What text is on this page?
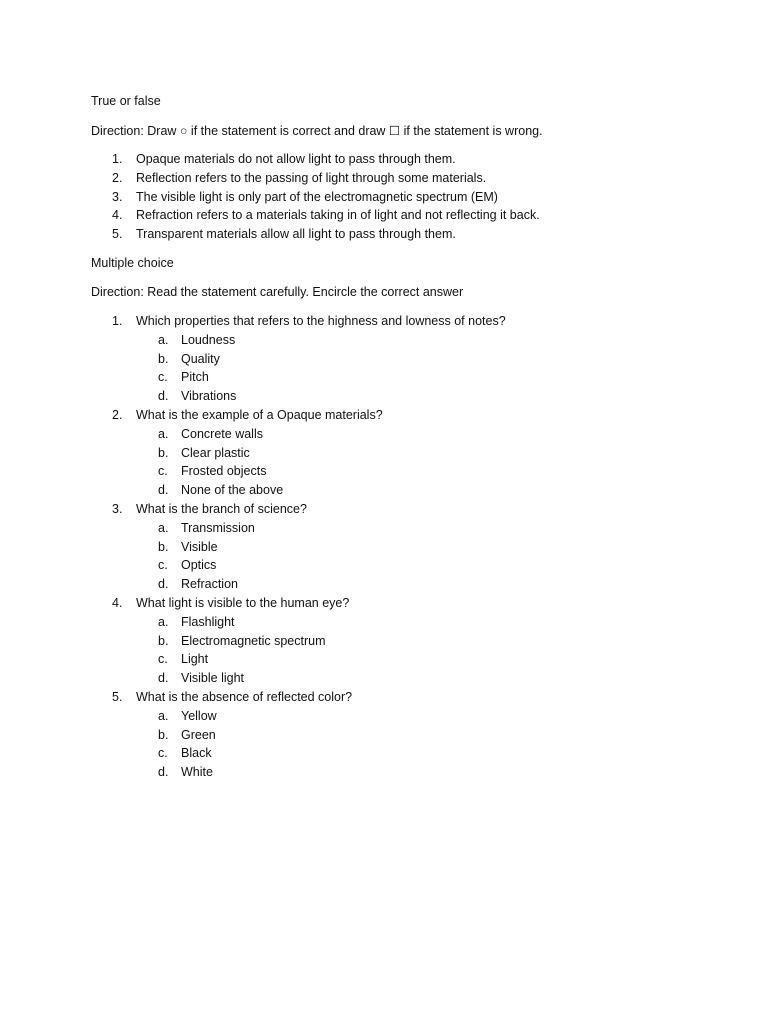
True or false
Direction: Draw ○ if the statement is correct and draw ☐ if the statement is wrong.
1. Opaque materials do not allow light to pass through them.
2. Reflection refers to the passing of light through some materials.
3. The visible light is only part of the electromagnetic spectrum (EM)
4. Refraction refers to a materials taking in of light and not reflecting it back.
5. Transparent materials allow all light to pass through them.
Multiple choice
Direction: Read the statement carefully. Encircle the correct answer
1. Which properties that refers to the highness and lowness of notes?
a. Loudness
b. Quality
c. Pitch
d. Vibrations
2. What is the example of a Opaque materials?
a. Concrete walls
b. Clear plastic
c. Frosted objects
d. None of the above
3. What is the branch of science?
a. Transmission
b. Visible
c. Optics
d. Refraction
4. What light is visible to the human eye?
a. Flashlight
b. Electromagnetic spectrum
c. Light
d. Visible light
5. What is the absence of reflected color?
a. Yellow
b. Green
c. Black
d. White
